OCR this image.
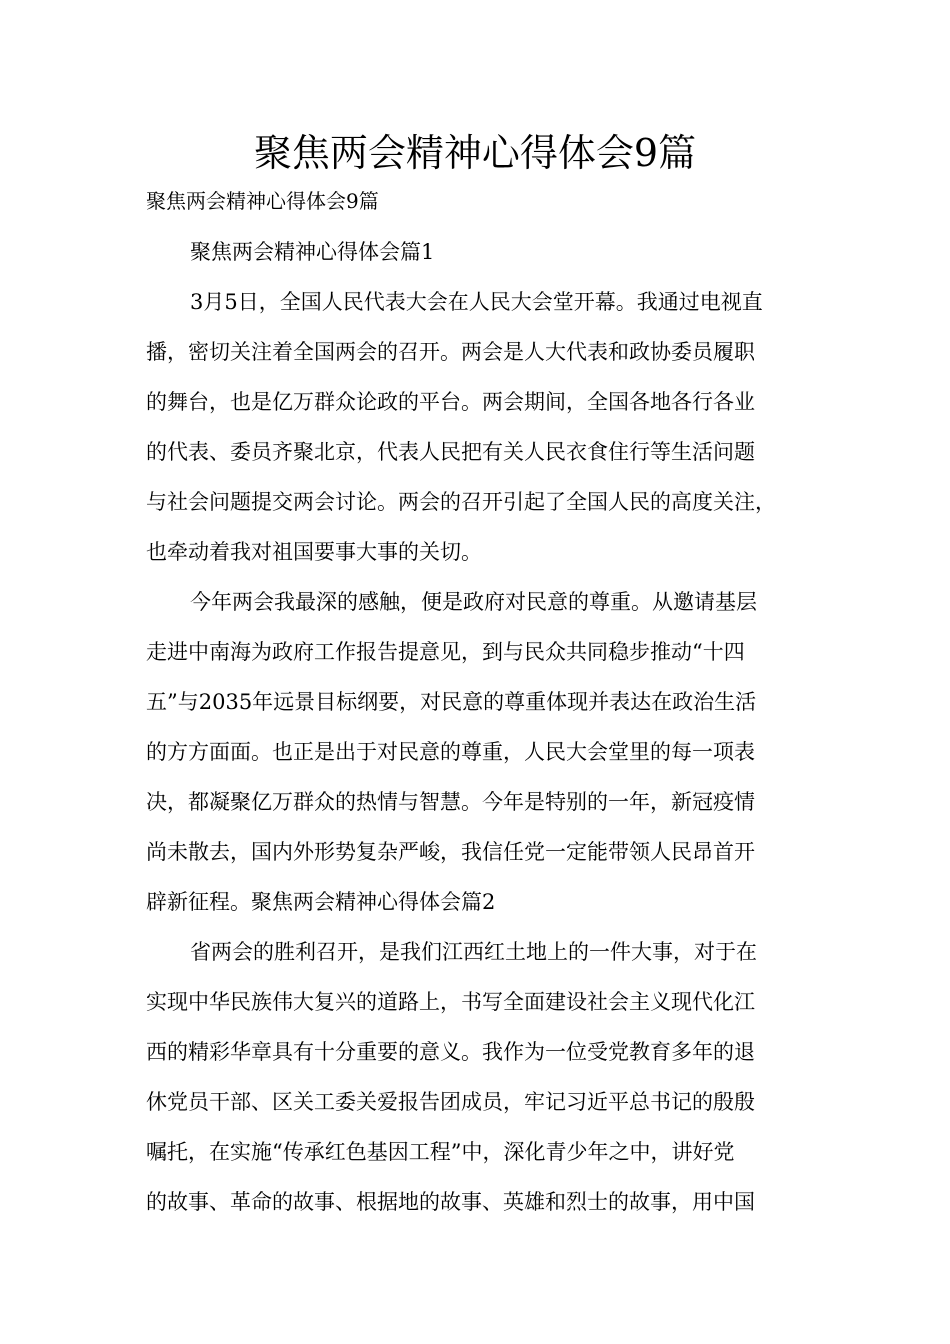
聚焦两会精神心得体会9篇

聚焦两会精神心得体会9篇

聚焦两会精神心得体会篇1

3月5日，全国人民代表大会在人民大会堂开幕。我通过电视直

播，密切关注着全国两会的召开。两会是人大代表和政协委员履职

的舞台，也是亿万群众论政的平台。两会期间，全国各地各行各业

的代表、委员齐聚北京，代表人民把有关人民衣食住行等生活问题

与社会问题提交两会讨论。两会的召开引起了全国人民的高度关注，

也牵动着我对祖国要事大事的关切。

今年两会我最深的感触，便是政府对民意的尊重。从邀请基层

走进中南海为政府工作报告提意见，到与民众共同稳步推动“十四

五”与2035年远景目标纲要，对民意的尊重体现并表达在政治生活

的方方面面。也正是出于对民意的尊重，人民大会堂里的每一项表

决，都凝聚亿万群众的热情与智慧。今年是特别的一年，新冠疫情

尚未散去，国内外形势复杂严峻，我信任党一定能带领人民昂首开

辟新征程。聚焦两会精神心得体会篇2

省两会的胜利召开，是我们江西红土地上的一件大事，对于在

实现中华民族伟大复兴的道路上，书写全面建设社会主义现代化江

西的精彩华章具有十分重要的意义。我作为一位受党教育多年的退

休党员干部、区关工委关爱报告团成员，牢记习近平总书记的殷殷

嘱托，在实施“传承红色基因工程”中，深化青少年之中，讲好党

的故事、革命的故事、根据地的故事、英雄和烈士的故事，用中国
